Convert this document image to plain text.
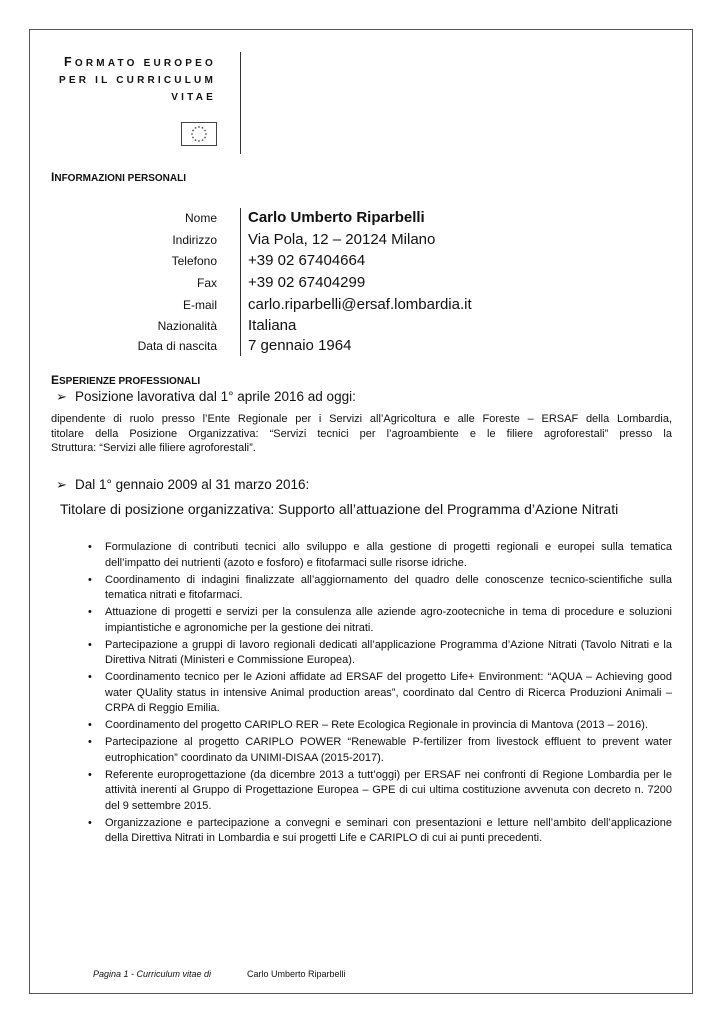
FORMATO EUROPEO
PER IL CURRICULUM
VITAE
INFORMAZIONI PERSONALI
Nome Carlo Umberto Riparbelli
Indirizzo Via Pola, 12 – 20124 Milano
Telefono +39 02 67404664
Fax +39 02 67404299
E-mail carlo.riparbelli@ersaf.lombardia.it
Nazionalità Italiana
Data di nascita 7 gennaio 1964
ESPERIENZE PROFESSIONALI
➢ Posizione lavorativa dal 1° aprile 2016 ad oggi:
dipendente di ruolo presso l’Ente Regionale per i Servizi all’Agricoltura e alle Foreste – ERSAF della Lombardia,
titolare della Posizione Organizzativa: “Servizi tecnici per l’agroambiente e le filiere agroforestali” presso la
Struttura: “Servizi alle filiere agroforestali”.
➢ Dal 1° gennaio 2009 al 31 marzo 2016:
Titolare di posizione organizzativa: Supporto all’attuazione del Programma d’Azione Nitrati
• Formulazione di contributi tecnici allo sviluppo e alla gestione di progetti regionali e europei sulla tematica dell’impatto dei nutrienti (azoto e fosforo) e fitofarmaci sulle risorse idriche.
• Coordinamento di indagini finalizzate all’aggiornamento del quadro delle conoscenze tecnico-scientifiche sulla tematica nitrati e fitofarmaci.
• Attuazione di progetti e servizi per la consulenza alle aziende agro-zootecniche in tema di procedure e soluzioni impiantistiche e agronomiche per la gestione dei nitrati.
• Partecipazione a gruppi di lavoro regionali dedicati all’applicazione Programma d’Azione Nitrati (Tavolo Nitrati e la Direttiva Nitrati (Ministeri e Commissione Europea).
• Coordinamento tecnico per le Azioni affidate ad ERSAF del progetto Life+ Environment: “AQUA – Achieving good water QUality status in intensive Animal production areas”, coordinato dal Centro di Ricerca Produzioni Animali – CRPA di Reggio Emilia.
• Coordinamento del progetto CARIPLO RER – Rete Ecologica Regionale in provincia di Mantova (2013 – 2016).
• Partecipazione al progetto CARIPLO POWER “Renewable P-fertilizer from livestock effluent to prevent water eutrophication” coordinato da UNIMI-DISAA (2015-2017).
• Referente europrogettazione (da dicembre 2013 a tutt’oggi) per ERSAF nei confronti di Regione Lombardia per le attività inerenti al Gruppo di Progettazione Europea – GPE di cui ultima costituzione avvenuta con decreto n. 7200 del 9 settembre 2015.
• Organizzazione e partecipazione a convegni e seminari con presentazioni e letture nell’ambito dell’applicazione della Direttiva Nitrati in Lombardia e sui progetti Life e CARIPLO di cui ai punti precedenti.
Pagina 1 - Curriculum vitae di	Carlo Umberto Riparbelli
